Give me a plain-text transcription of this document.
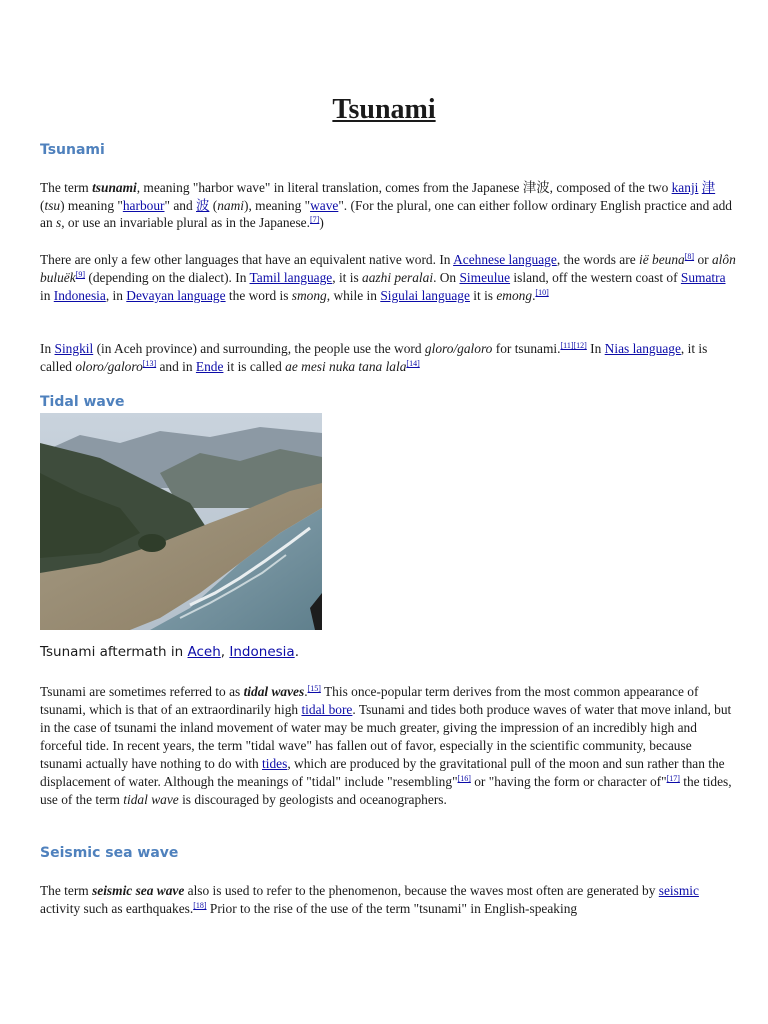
Tsunami
Tsunami

The term tsunami, meaning "harbor wave" in literal translation, comes from the Japanese 津波, composed of the two kanji 津 (tsu) meaning "harbour" and 波 (nami), meaning "wave". (For the plural, one can either follow ordinary English practice and add an s, or use an invariable plural as in the Japanese.[7])

There are only a few other languages that have an equivalent native word. In Acehnese language, the words are ië beuna[8] or alôn buluëk[9] (depending on the dialect). In Tamil language, it is aazhi peralai. On Simeulue island, off the western coast of Sumatra in Indonesia, in Devayan language the word is smong, while in Sigulai language it is emong.[10]

In Singkil (in Aceh province) and surrounding, the people use the word gloro/galoro for tsunami.[11][12] In Nias language, it is called oloro/galoro[13] and in Ende it is called ae mesi nuka tana lala[14]

Tidal wave

Tsunami aftermath in Aceh, Indonesia.

Tsunami are sometimes referred to as tidal waves.[15] This once-popular term derives from the most common appearance of tsunami, which is that of an extraordinarily high tidal bore. Tsunami and tides both produce waves of water that move inland, but in the case of tsunami the inland movement of water may be much greater, giving the impression of an incredibly high and forceful tide. In recent years, the term "tidal wave" has fallen out of favor, especially in the scientific community, because tsunami actually have nothing to do with tides, which are produced by the gravitational pull of the moon and sun rather than the displacement of water. Although the meanings of "tidal" include "resembling"[16] or "having the form or character of"[17] the tides, use of the term tidal wave is discouraged by geologists and oceanographers.

Seismic sea wave

The term seismic sea wave also is used to refer to the phenomenon, because the waves most often are generated by seismic activity such as earthquakes.[18] Prior to the rise of the use of the term "tsunami" in English-speaking
